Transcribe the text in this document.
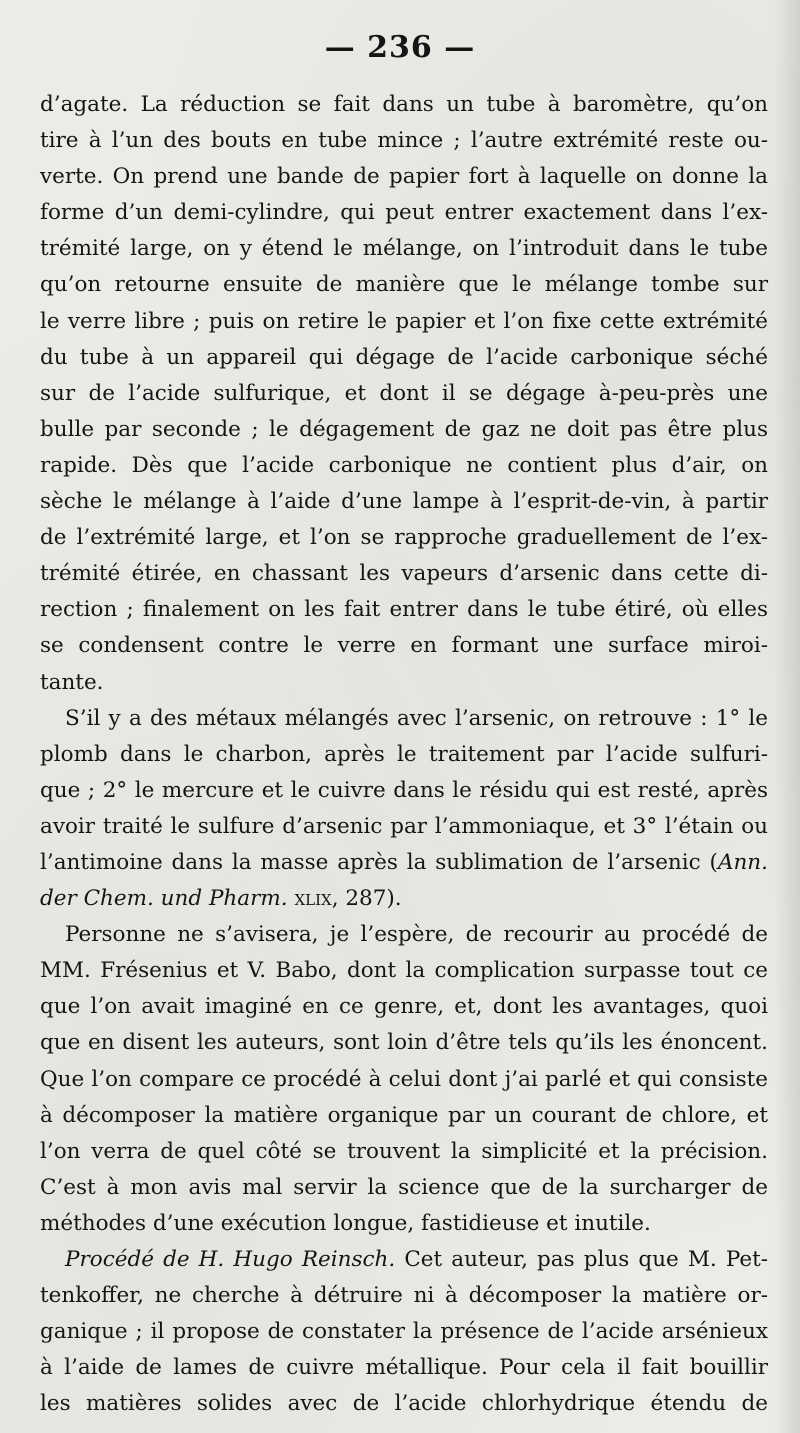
— 236 —

d’agate. La réduction se fait dans un tube à baromètre, qu’on
tire à l’un des bouts en tube mince ; l’autre extrémité reste ou-
verte. On prend une bande de papier fort à laquelle on donne la
forme d’un demi-cylindre, qui peut entrer exactement dans l’ex-
trémité large, on y étend le mélange, on l’introduit dans le tube
qu’on retourne ensuite de manière que le mélange tombe sur
le verre libre ; puis on retire le papier et l’on fixe cette extrémité
du tube à un appareil qui dégage de l’acide carbonique séché
sur de l’acide sulfurique, et dont il se dégage à-peu-près une
bulle par seconde ; le dégagement de gaz ne doit pas être plus
rapide. Dès que l’acide carbonique ne contient plus d’air, on
sèche le mélange à l’aide d’une lampe à l’esprit-de-vin, à partir
de l’extrémité large, et l’on se rapproche graduellement de l’ex-
trémité étirée, en chassant les vapeurs d’arsenic dans cette di-
rection ; finalement on les fait entrer dans le tube étiré, où elles
se condensent contre le verre en formant une surface miroi-
tante.
S’il y a des métaux mélangés avec l’arsenic, on retrouve : 1° le
plomb dans le charbon, après le traitement par l’acide sulfuri-
que ; 2° le mercure et le cuivre dans le résidu qui est resté, après
avoir traité le sulfure d’arsenic par l’ammoniaque, et 3° l’étain ou
l’antimoine dans la masse après la sublimation de l’arsenic (Ann.
der Chem. und Pharm. xlix, 287).
Personne ne s’avisera, je l’espère, de recourir au procédé de
MM. Frésenius et V. Babo, dont la complication surpasse tout ce
que l’on avait imaginé en ce genre, et, dont les avantages, quoi
que en disent les auteurs, sont loin d’être tels qu’ils les énoncent.
Que l’on compare ce procédé à celui dont j’ai parlé et qui consiste
à décomposer la matière organique par un courant de chlore, et
l’on verra de quel côté se trouvent la simplicité et la précision.
C’est à mon avis mal servir la science que de la surcharger de
méthodes d’une exécution longue, fastidieuse et inutile.
Procédé de H. Hugo Reinsch. Cet auteur, pas plus que M. Pet-
tenkoffer, ne cherche à détruire ni à décomposer la matière or-
ganique ; il propose de constater la présence de l’acide arsénieux
à l’aide de lames de cuivre métallique. Pour cela il fait bouillir
les matières solides avec de l’acide chlorhydrique étendu de
